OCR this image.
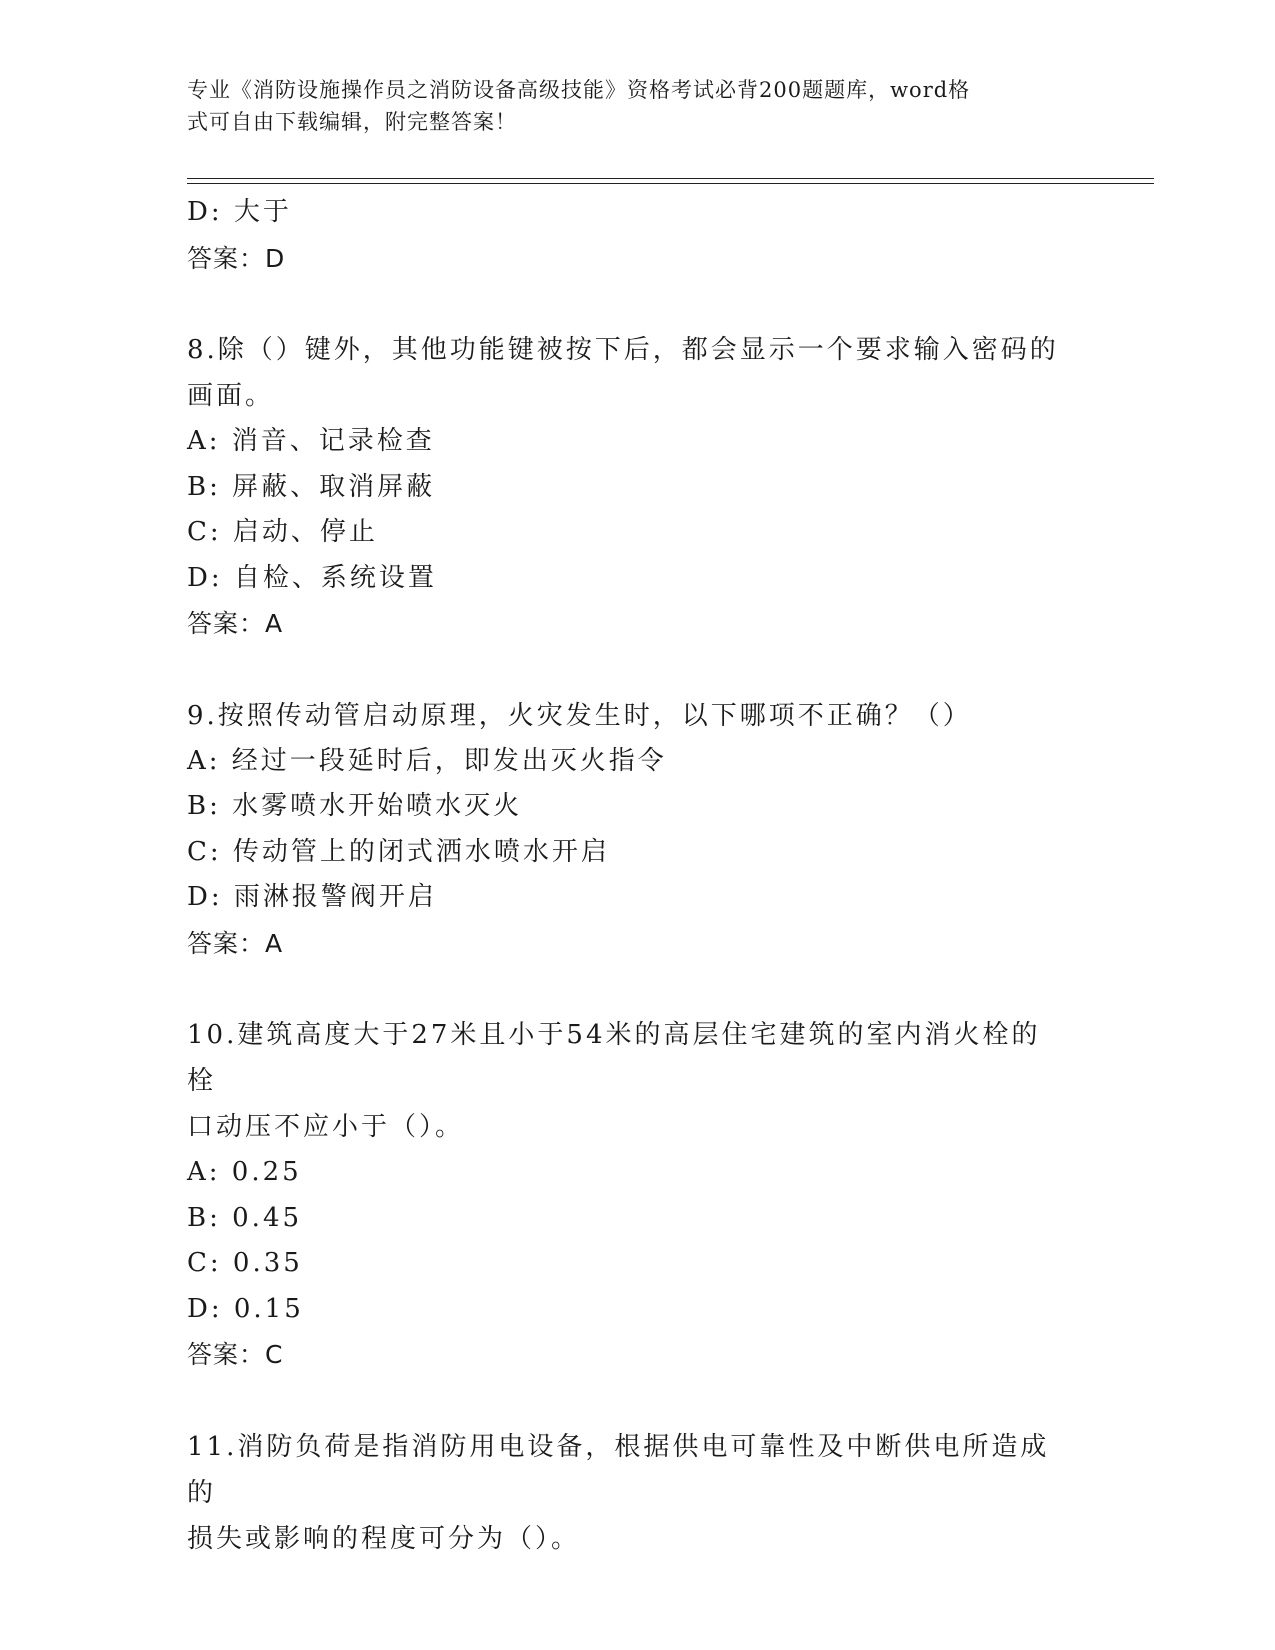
专业《消防设施操作员之消防设备高级技能》资格考试必背200题题库，word格
式可自由下载编辑，附完整答案！
D: 大于
答案：D
8.除（）键外，其他功能键被按下后，都会显示一个要求输入密码的
画面。
A: 消音、记录检查
B: 屏蔽、取消屏蔽
C: 启动、停止
D: 自检、系统设置
答案：A
9.按照传动管启动原理，火灾发生时，以下哪项不正确？（）
A: 经过一段延时后，即发出灭火指令
B: 水雾喷水开始喷水灭火
C: 传动管上的闭式洒水喷水开启
D: 雨淋报警阀开启
答案：A
10.建筑高度大于27米且小于54米的高层住宅建筑的室内消火栓的栓
口动压不应小于（）。
A: 0.25
B: 0.45
C: 0.35
D: 0.15
答案：C
11.消防负荷是指消防用电设备，根据供电可靠性及中断供电所造成的
损失或影响的程度可分为（）。
